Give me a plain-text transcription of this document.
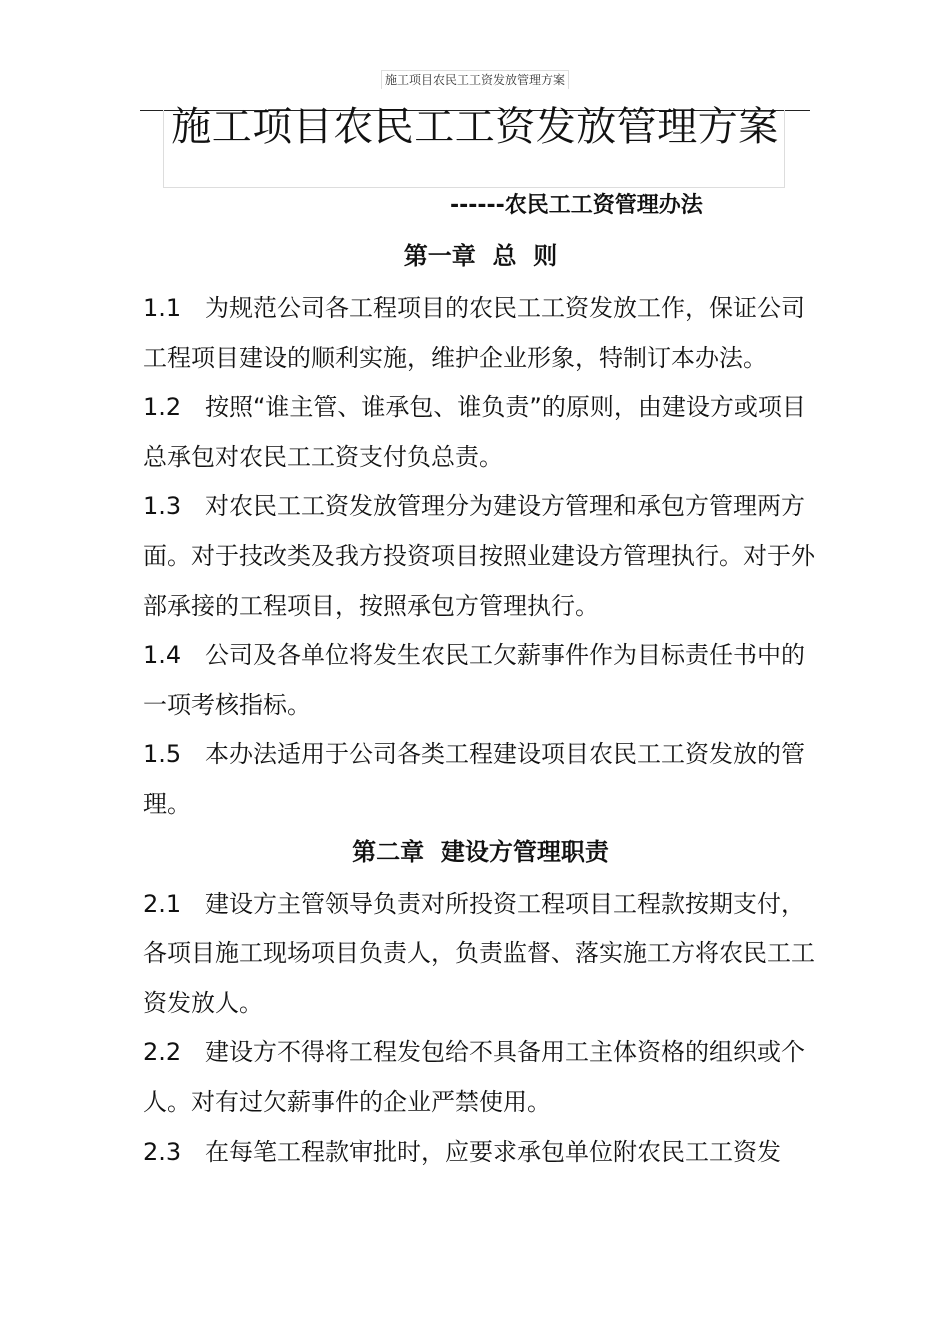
施工项目农民工工资发放管理方案
施工项目农民工工资发放管理方案

------农民工工资管理办法

第一章  总  则

1.1 为规范公司各工程项目的农民工工资发放工作，保证公司工程项目建设的顺利实施，维护企业形象，特制订本办法。

1.2 按照“谁主管、谁承包、谁负责”的原则，由建设方或项目总承包对农民工工资支付负总责。

1.3 对农民工工资发放管理分为建设方管理和承包方管理两方面。对于技改类及我方投资项目按照业建设方管理执行。对于外部承接的工程项目，按照承包方管理执行。

1.4 公司及各单位将发生农民工欠薪事件作为目标责任书中的一项考核指标。

1.5 本办法适用于公司各类工程建设项目农民工工资发放的管理。

第二章  建设方管理职责

2.1 建设方主管领导负责对所投资工程项目工程款按期支付，各项目施工现场项目负责人，负责监督、落实施工方将农民工工资发放人。

2.2 建设方不得将工程发包给不具备用工主体资格的组织或个人。对有过欠薪事件的企业严禁使用。

2.3 在每笔工程款审批时，应要求承包单位附农民工工资发
